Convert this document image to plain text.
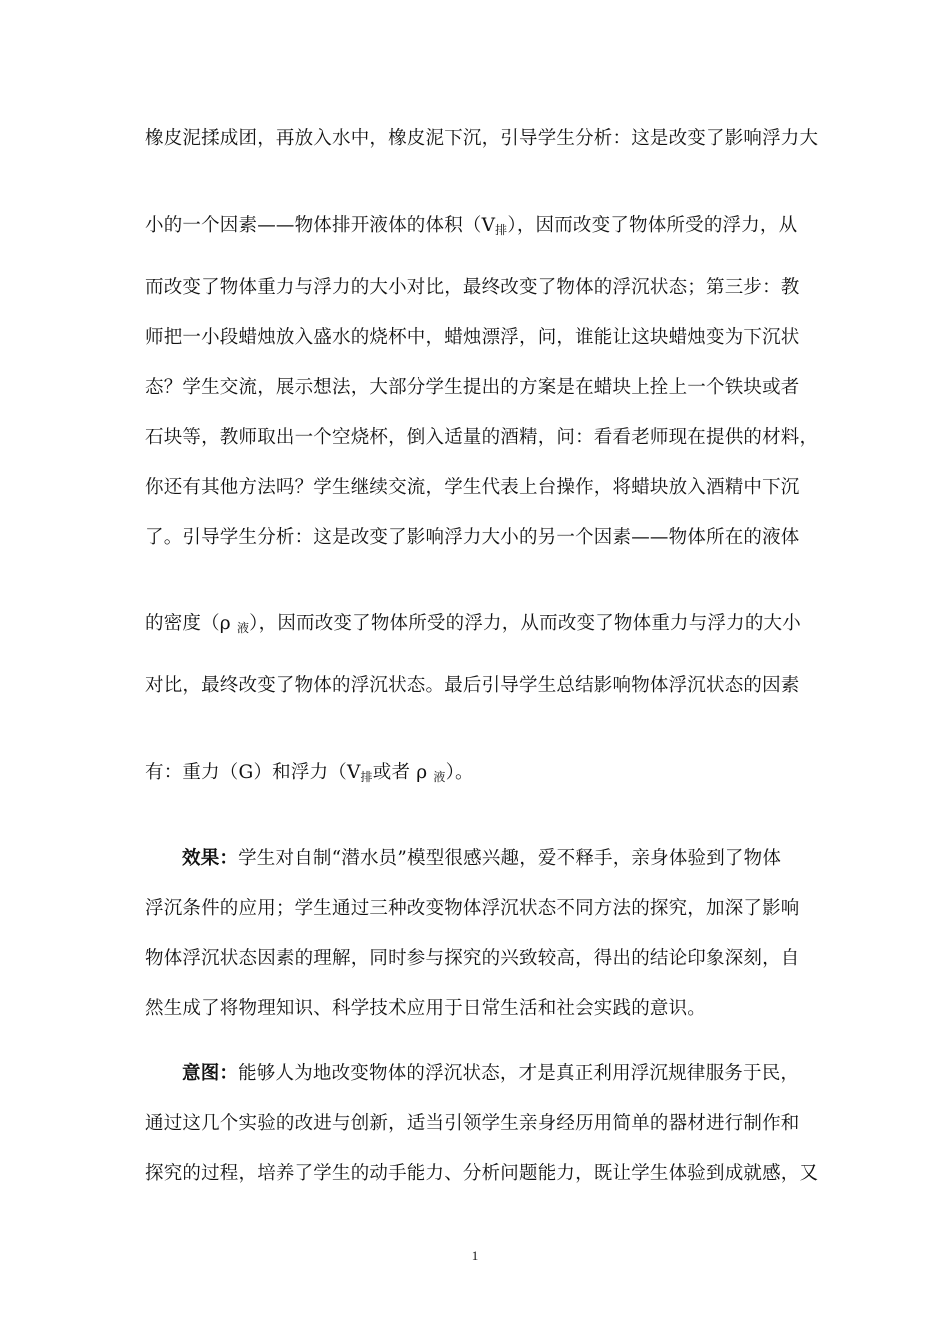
橡皮泥揉成团，再放入水中，橡皮泥下沉，引导学生分析：这是改变了影响浮力大
小的一个因素——物体排开液体的体积（V排），因而改变了物体所受的浮力，从
而改变了物体重力与浮力的大小对比，最终改变了物体的浮沉状态；第三步：教
师把一小段蜡烛放入盛水的烧杯中，蜡烛漂浮，问，谁能让这块蜡烛变为下沉状
态？学生交流，展示想法，大部分学生提出的方案是在蜡块上拴上一个铁块或者
石块等，教师取出一个空烧杯，倒入适量的酒精，问：看看老师现在提供的材料，
你还有其他方法吗？学生继续交流，学生代表上台操作，将蜡块放入酒精中下沉
了。引导学生分析：这是改变了影响浮力大小的另一个因素——物体所在的液体
的密度（ρ 液），因而改变了物体所受的浮力，从而改变了物体重力与浮力的大小
对比，最终改变了物体的浮沉状态。最后引导学生总结影响物体浮沉状态的因素
有：重力（G）和浮力（V排或者 ρ 液）。
效果：学生对自制“潜水员”模型很感兴趣，爱不释手，亲身体验到了物体
浮沉条件的应用；学生通过三种改变物体浮沉状态不同方法的探究，加深了影响
物体浮沉状态因素的理解，同时参与探究的兴致较高，得出的结论印象深刻，自
然生成了将物理知识、科学技术应用于日常生活和社会实践的意识。
意图：能够人为地改变物体的浮沉状态，才是真正利用浮沉规律服务于民，
通过这几个实验的改进与创新，适当引领学生亲身经历用简单的器材进行制作和
探究的过程，培养了学生的动手能力、分析问题能力，既让学生体验到成就感，又
1
